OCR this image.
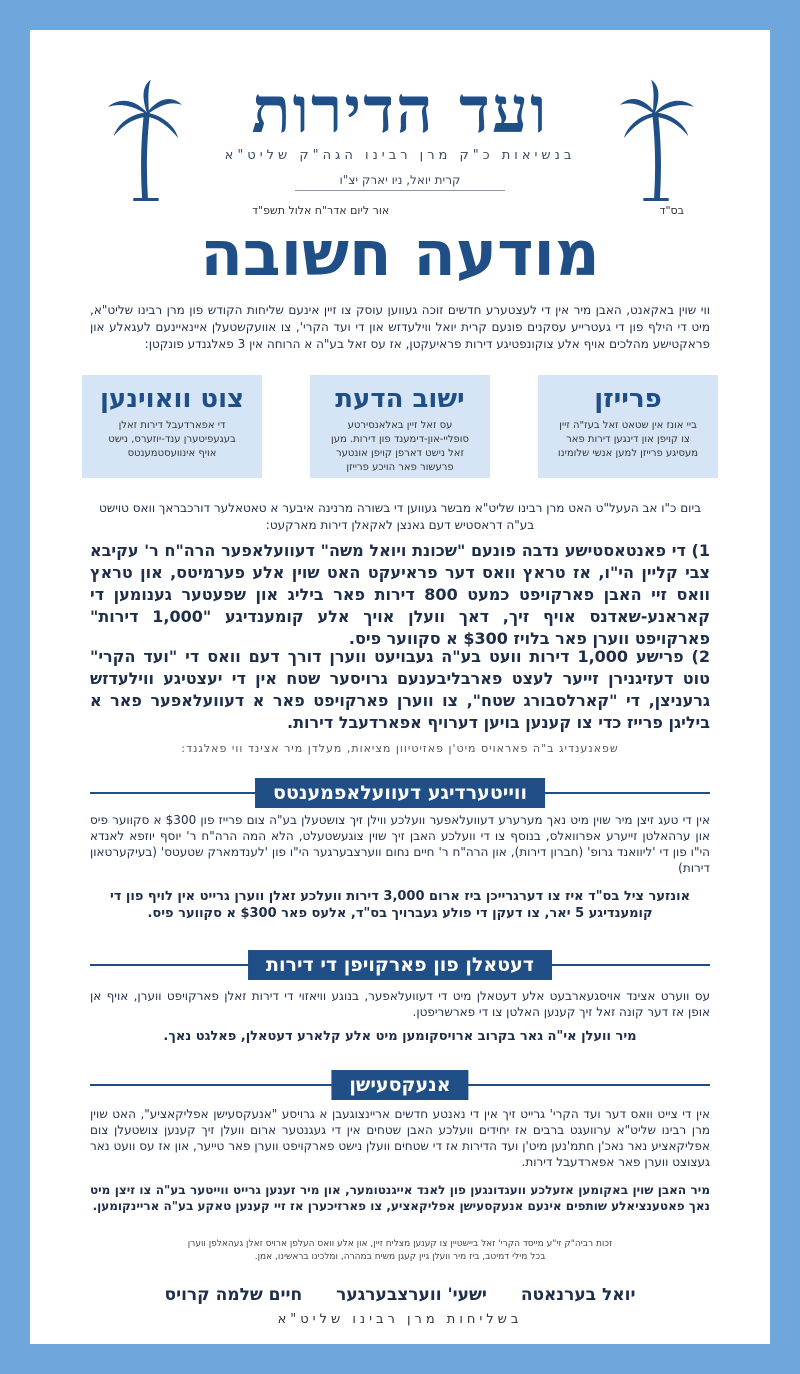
ועד הדירות
בנשיאות כ"ק מרן רבינו הגה"ק שליט"א
קרית יואל, ניו יארק יצ"ו
בס"ד
אור ליום אדר"ח אלול תשפ"ד
מודעה חשובה
ווי שוין באקאנט, האבן מיר אין די לעצטערע חדשים זוכה געווען עוסק צו זיין אינעם שליחות הקודש פון מרן רבינו שליט"א, מיט די הילף פון די געטרייע עסקנים פונעם קרית יואל ווילעדזש און די ועד הקרי', צו אוועקשטעלן איינאיינעם לעגאלע און פראקטישע מהלכים אויף אלע צוקונפטיגע דירות פראיעקטן, אז עס זאל בע"ה א הרוחה אין 3 פאלגנדע פונקטן:
פרייזן
ביי אונז אין שטאט זאל בעז"ה זיין צו קויפן און דינגען דירות פאר מעסיגע פרייזן למען אנשי שלומינו
ישוב הדעת
עס זאל זיין באלאנסירטע סופליי-און-דימענד פון דירות. מען זאל נישט דארפן קויפן אונטער פרעשור פאר הויכע פרייזן
צוט וואוינען
די אפארדעבל דירות זאלן בעגעפיטערן ענד-יוזערס, נישט אויף אינוועסטמענטס
ביום כ"ו אב העעל"ט האט מרן רבינו שליט"א מבשר געווען די בשורה מרנינה איבער א טאטאלער דורכבראך וואס טוישט בע"ה דראסטיש דעם גאנצן לאקאלן דירות מארקעט:
1) די פאנטאסטישע נדבה פונעם "שכונת ויואל משה" דעוועלאפער הרה"ח ר' עקיבא צבי קליין הי"ו, אז טראץ וואס דער פראיעקט האט שוין אלע פערמיטס, און טראץ וואס זיי האבן פארקויפט כמעט 800 דירות פאר ביליג און שפעטער גענומען די קאראנע-שאדנס אויף זיך, דאך וועלן אויך אלע קומענדיגע "1,000 דירות" פארקויפט ווערן פאר בלויז $300 א סקווער פיס.
2) פרישע 1,000 דירות וועט בע"ה געבויעט ווערן דורך דעם וואס די "ועד הקרי" טוט דעזיגנירן זייער לעצט פארבליבענעם גרויסער שטח אין די יעצטיגע ווילעדזש גרעניצן, די "קארלסבורג שטח", צו ווערן פארקויפט פאר א דעוועלאפער פאר א ביליגן פרייז כדי צו קענען בויען דערויף אפארדעבל דירות.
שפאנענדיג ב"ה פאראויס מיט'ן פאזיטיוון מציאות, מעלדן מיר אצינד ווי פאלגנד:
ווייטערדיגע דעוועלאפמענטס
אין די טעג זיצן מיר שוין מיט נאך מערערע דעוועלאפער וועלכע ווילן זיך צושטעלן בע"ה צום פרייז פון $300 א סקווער פיס און ערהאלטן זייערע אפרוואלס, בנוסף צו די וועלכע האבן זיך שוין צוגעשטעלט, הלא המה הרה"ח ר' יוסף יוזפא לאנדא הי"ו פון די 'ליוואנד גרופ' (חברון דירות), און הרה"ח ר' חיים נחום ווערצבערגער הי"ו פון 'לענדמארק שטעטס' (בעיקערטאון דירות)
אונזער ציל בס"ד איז צו דערגרייכן ביז ארום 3,000 דירות וועלכע זאלן ווערן גרייט אין לויף פון די קומענדיגע 5 יאר, צו דעקן די פולע געברויך בס"ד, אלעס פאר $300 א סקווער פיס.
דעטאלן פון פארקויפן די דירות
עס ווערט אצינד אויסגעארבעט אלע דעטאלן מיט די דעוועלאפער, בנוגע וויאזוי די דירות זאלן פארקויפט ווערן, אויף אן אופן אז דער קונה זאל זיך קענען האלטן צו די פארשריפטן.
מיר וועלן אי"ה גאר בקרוב ארויסקומען מיט אלע קלארע דעטאלן, פאלגט נאך.
אנעקסעישן
אין די צייט וואס דער ועד הקרי' גרייט זיך אין די נאנטע חדשים אריינצוגעבן א גרויסע "אנעקסעישן אפליקאציע", האט שוין מרן רבינו שליט"א ערוועגט ברבים אז יחידים וועלכע האבן שטחים אין די געגנטער ארום וועלן זיך קענען צושטעלן צום אפליקאציע נאר נאכ'ן חתמ'נען מיט'ן ועד הדירות אז די שטחים וועלן נישט פארקויפט ווערן פאר טייער, און אז עס וועט נאר געצוצט ווערן פאר אפארדעבל דירות.
מיר האבן שוין באקומען אזעלכע וועגדונגען פון לאנד אייגנטומער, און מיר זענען גרייט ווייטער בע"ה צו זיצן מיט נאך פאטענציאלע שותפים אינעם אנעקסעישן אפליקאציע, צו פארזיכערן אז זיי קענען טאקע בע"ה אריינקומען.
זכות רביה"ק זי"ע מייסד הקרי' זאל ביישטיין צו קענען מצליח זיין, און אלע וואס העלפן ארויס זאלן געהאלפן ווערן בכל מילי דמיטב, ביז מיר וועלן גיין קעגן משיח במהרה, ומלכינו בראשינו, אמן.
יואל בערנאטה ישעי' ווערצבערגער חיים שלמה קרויס
בשליחות מרן רבינו שליט"א
